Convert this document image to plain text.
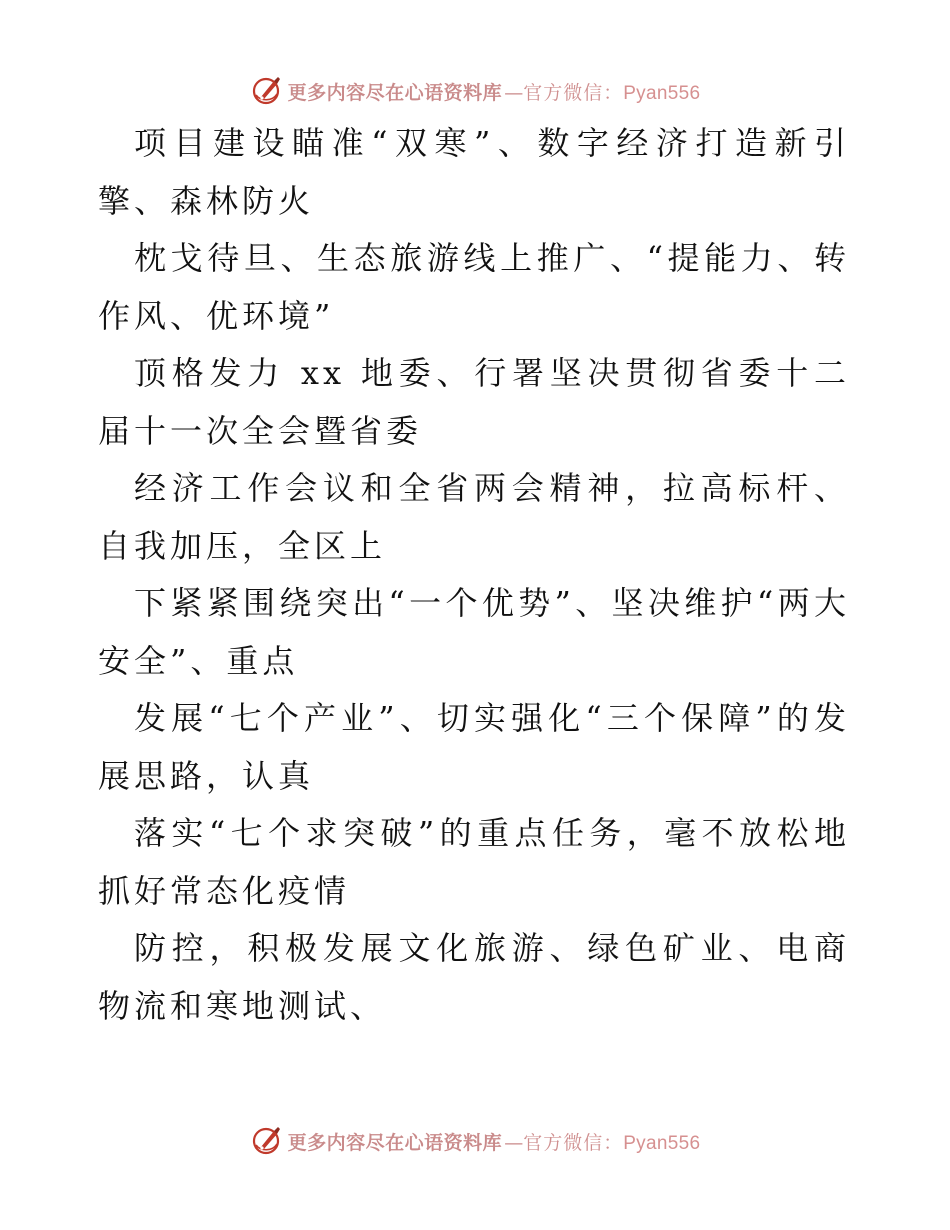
更多内容尽在心语资料库 — 官方微信： Pyan556

项目建设瞄准“双寒”、数字经济打造新引擎、森林防火

枕戈待旦、生态旅游线上推广、“提能力、转作风、优环境”

顶格发力 xx 地委、行署坚决贯彻省委十二届十一次全会暨省委

经济工作会议和全省两会精神，拉高标杆、自我加压，全区上

下紧紧围绕突出“一个优势”、坚决维护“两大安全”、重点

发展“七个产业”、切实强化“三个保障”的发展思路，认真

落实“七个求突破”的重点任务，毫不放松地抓好常态化疫情

防控，积极发展文化旅游、绿色矿业、电商物流和寒地测试、

更多内容尽在心语资料库 — 官方微信： Pyan556
